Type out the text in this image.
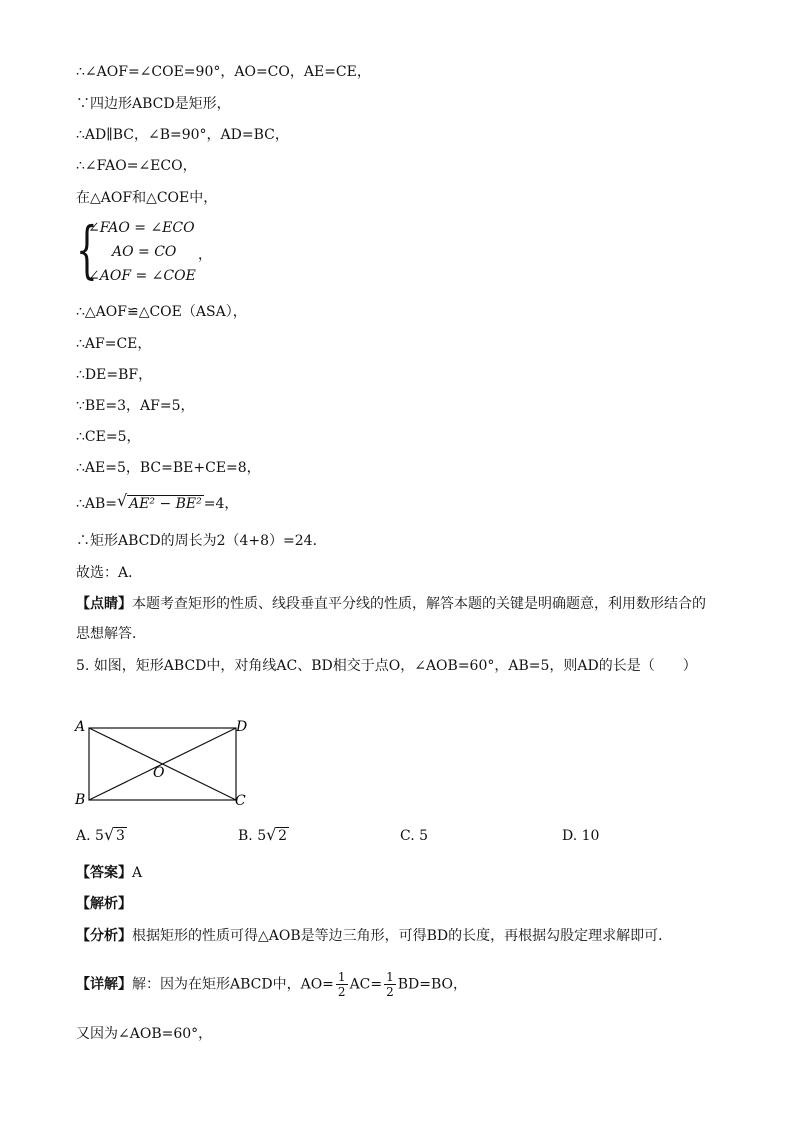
∴∠AOF=∠COE=90°，AO=CO，AE=CE，
∵四边形ABCD是矩形，
∴AD∥BC，∠B=90°，AD=BC，
∴∠FAO=∠ECO，
在△AOF和△COE中，
{
∠FAO = ∠ECO
AO = CO ，
∠AOF = ∠COE
∴△AOF≌△COE（ASA），
∴AF=CE，
∴DE=BF，
∵BE=3，AF=5，
∴CE=5，
∴AE=5，BC=BE+CE=8，
∴AB= √ AE² − BE² =4，
∴矩形ABCD的周长为2（4+8）=24．
故选：A．
【点睛】本题考查矩形的性质、线段垂直平分线的性质，解答本题的关键是明确题意，利用数形结合的
思想解答．
5. 如图，矩形ABCD中，对角线AC、BD相交于点O，∠AOB=60°，AB=5，则AD的长是（　　）
A	D
O
B	C
A. 5 √ 3	B. 5 √ 2	C. 5	D. 10
【答案】A
【解析】
【分析】根据矩形的性质可得△AOB是等边三角形，可得BD的长度，再根据勾股定理求解即可．
【详解】解：因为在矩形ABCD中，$AO= \frac{1}{2} AC= \frac{1}{2} BD=BO$，
又因为∠AOB=60°，
